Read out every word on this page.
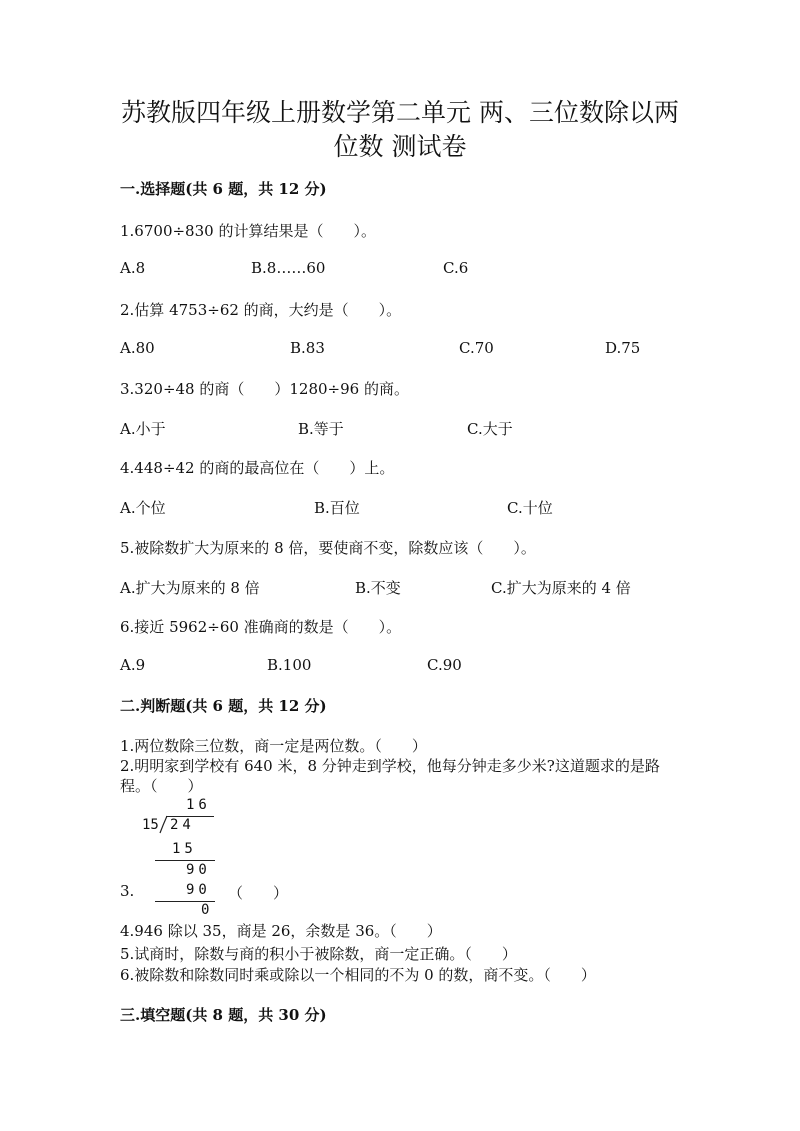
苏教版四年级上册数学第二单元 两、三位数除以两
位数 测试卷
一.选择题(共 6 题，共 12 分)
1.6700÷830 的计算结果是（　　）。
A.8	B.8……60	C.6
2.估算 4753÷62 的商，大约是（　　）。
A.80	B.83	C.70	D.75
3.320÷48 的商（　　）1280÷96 的商。
A.小于	B.等于	C.大于
4.448÷42 的商的最高位在（　　）上。
A.个位	B.百位	C.十位
5.被除数扩大为原来的 8 倍，要使商不变，除数应该（　　）。
A.扩大为原来的 8 倍	B.不变	C.扩大为原来的 4 倍
6.接近 5962÷60 准确商的数是（　　）。
A.9	B.100	C.90
二.判断题(共 6 题，共 12 分)
1.两位数除三位数，商一定是两位数。（　　）
2.明明家到学校有 640 米，8 分钟走到学校，他每分钟走多少米?这道题求的是路程。（　　）
16
15 24
15
90
90
0
3.	（　　）
4.946 除以 35，商是 26，余数是 36。（　　）
5.试商时，除数与商的积小于被除数，商一定正确。（　　）
6.被除数和除数同时乘或除以一个相同的不为 0 的数，商不变。（　　）
三.填空题(共 8 题，共 30 分)
